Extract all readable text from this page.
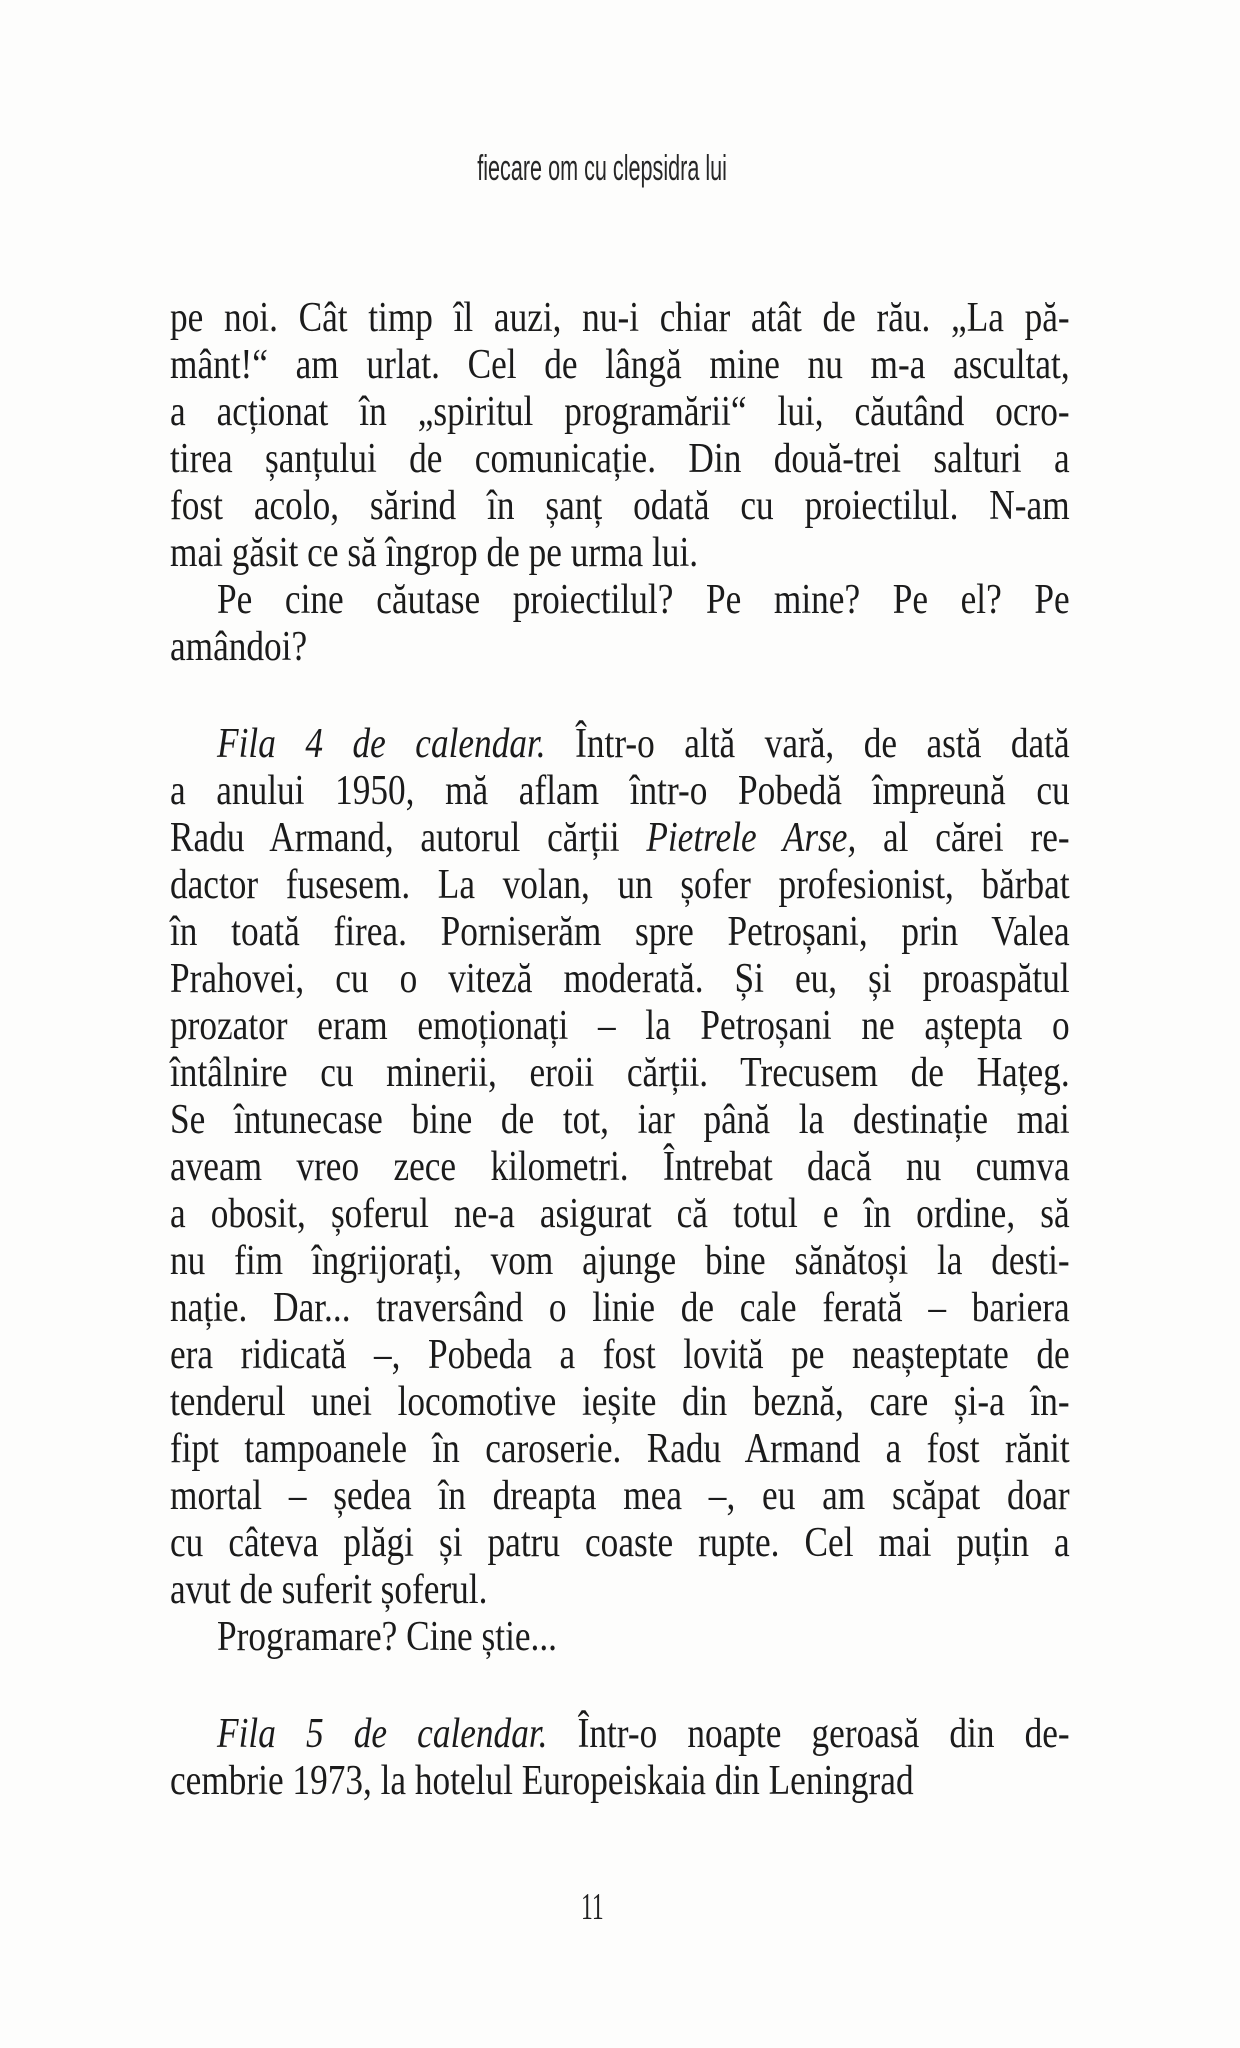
fiecare om cu clepsidra lui
pe noi. Cât timp îl auzi, nu-i chiar atât de rău. „La pă-
mânt!“ am urlat. Cel de lângă mine nu m-a ascultat,
a acționat în „spiritul programării“ lui, căutând ocro-
tirea șanțului de comunicație. Din două-trei salturi a
fost acolo, sărind în șanț odată cu proiectilul. N-am
mai găsit ce să îngrop de pe urma lui.
Pe cine căutase proiectilul? Pe mine? Pe el? Pe
amândoi?
Fila 4 de calendar. Într-o altă vară, de astă dată
a anului 1950, mă aflam într-o Pobedă împreună cu
Radu Armand, autorul cărții Pietrele Arse, al cărei re-
dactor fusesem. La volan, un șofer profesionist, bărbat
în toată firea. Porniserăm spre Petroșani, prin Valea
Prahovei, cu o viteză moderată. Și eu, și proaspătul
prozator eram emoționați – la Petroșani ne aștepta o
întâlnire cu minerii, eroii cărții. Trecusem de Hațeg.
Se întunecase bine de tot, iar până la destinație mai
aveam vreo zece kilometri. Întrebat dacă nu cumva
a obosit, șoferul ne-a asigurat că totul e în ordine, să
nu fim îngrijorați, vom ajunge bine sănătoși la desti-
nație. Dar... traversând o linie de cale ferată – bariera
era ridicată –, Pobeda a fost lovită pe neașteptate de
tenderul unei locomotive ieșite din beznă, care și-a în-
fipt tampoanele în caroserie. Radu Armand a fost rănit
mortal – ședea în dreapta mea –, eu am scăpat doar
cu câteva plăgi și patru coaste rupte. Cel mai puțin a
avut de suferit șoferul.
Programare? Cine știe...
Fila 5 de calendar. Într-o noapte geroasă din de-
cembrie 1973, la hotelul Europeiskaia din Leningrad
11
